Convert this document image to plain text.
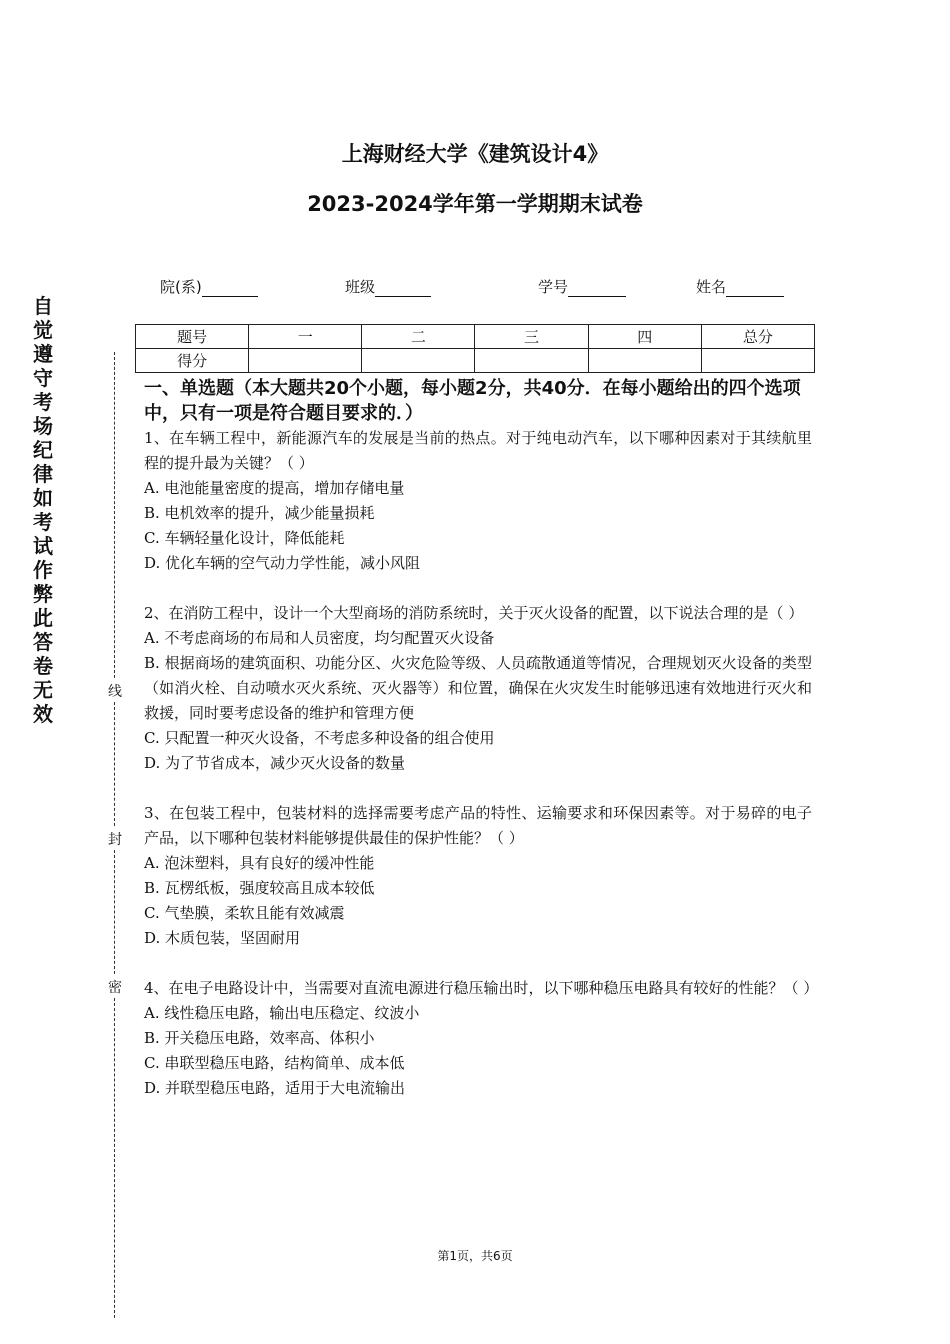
上海财经大学《建筑设计4》
2023-2024学年第一学期期末试卷
院(系)	班级	学号	姓名
题号	一	二	三	四	总分
得分					
自觉遵守考场纪律如考试作弊此答卷无效
线
封
密

一、单选题（本大题共20个小题，每小题2分，共40分．在每小题给出的四个选项中，只有一项是符合题目要求的．）

1、在车辆工程中，新能源汽车的发展是当前的热点。对于纯电动汽车，以下哪种因素对于其续航里程的提升最为关键？（ ）

A. 电池能量密度的提高，增加存储电量

B. 电机效率的提升，减少能量损耗

C. 车辆轻量化设计，降低能耗

D. 优化车辆的空气动力学性能，减小风阻

2、在消防工程中，设计一个大型商场的消防系统时，关于灭火设备的配置，以下说法合理的是（ ）

A. 不考虑商场的布局和人员密度，均匀配置灭火设备

B. 根据商场的建筑面积、功能分区、火灾危险等级、人员疏散通道等情况，合理规划灭火设备的类型（如消火栓、自动喷水灭火系统、灭火器等）和位置，确保在火灾发生时能够迅速有效地进行灭火和救援，同时要考虑设备的维护和管理方便

C. 只配置一种灭火设备，不考虑多种设备的组合使用

D. 为了节省成本，减少灭火设备的数量

3、在包装工程中，包装材料的选择需要考虑产品的特性、运输要求和环保因素等。对于易碎的电子产品，以下哪种包装材料能够提供最佳的保护性能？（ ）

A. 泡沫塑料，具有良好的缓冲性能

B. 瓦楞纸板，强度较高且成本较低

C. 气垫膜，柔软且能有效减震

D. 木质包装，坚固耐用

4、在电子电路设计中，当需要对直流电源进行稳压输出时，以下哪种稳压电路具有较好的性能？（ ）

A. 线性稳压电路，输出电压稳定、纹波小

B. 开关稳压电路，效率高、体积小

C. 串联型稳压电路，结构简单、成本低

D. 并联型稳压电路，适用于大电流输出

第1页，共6页
